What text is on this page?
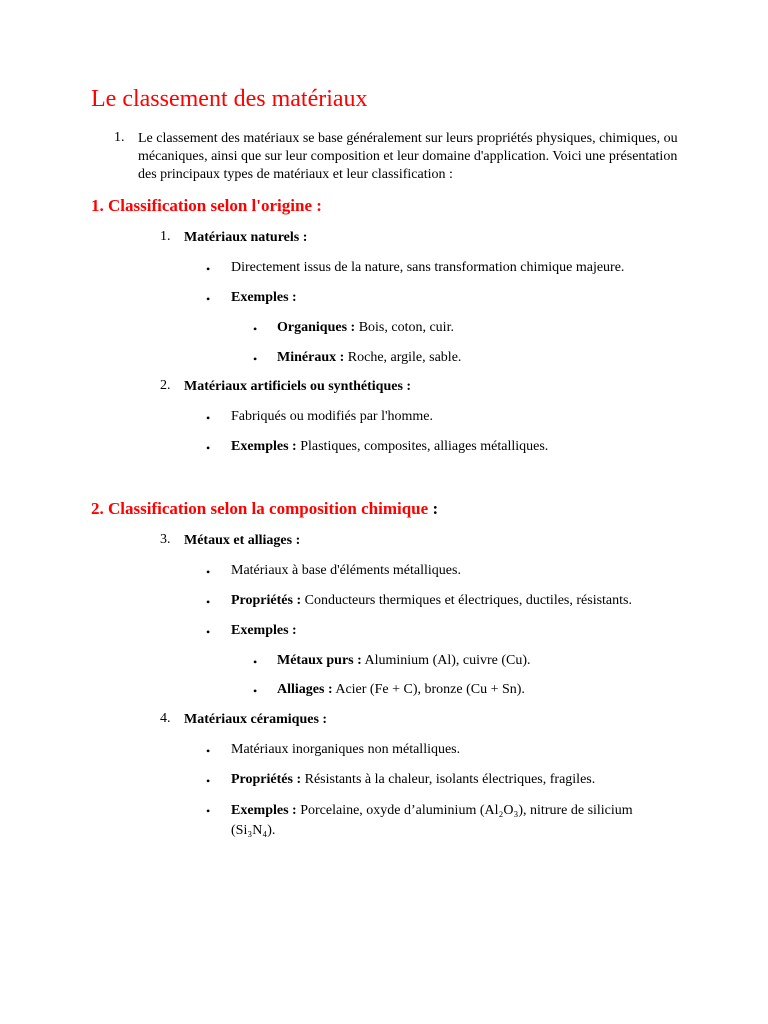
Le classement des matériaux
1. Le classement des matériaux se base généralement sur leurs propriétés physiques, chimiques, ou mécaniques, ainsi que sur leur composition et leur domaine d'application. Voici une présentation des principaux types de matériaux et leur classification :
1. Classification selon l'origine :
1. Matériaux naturels :
• Directement issus de la nature, sans transformation chimique majeure.
• Exemples :
• Organiques : Bois, coton, cuir.
• Minéraux : Roche, argile, sable.
2. Matériaux artificiels ou synthétiques :
• Fabriqués ou modifiés par l'homme.
• Exemples : Plastiques, composites, alliages métalliques.
2. Classification selon la composition chimique :
3. Métaux et alliages :
• Matériaux à base d'éléments métalliques.
• Propriétés : Conducteurs thermiques et électriques, ductiles, résistants.
• Exemples :
• Métaux purs : Aluminium (Al), cuivre (Cu).
• Alliages : Acier (Fe + C), bronze (Cu + Sn).
4. Matériaux céramiques :
• Matériaux inorganiques non métalliques.
• Propriétés : Résistants à la chaleur, isolants électriques, fragiles.
• Exemples : Porcelaine, oxyde d’aluminium (Al₂O₃), nitrure de silicium (Si₃N₄).
